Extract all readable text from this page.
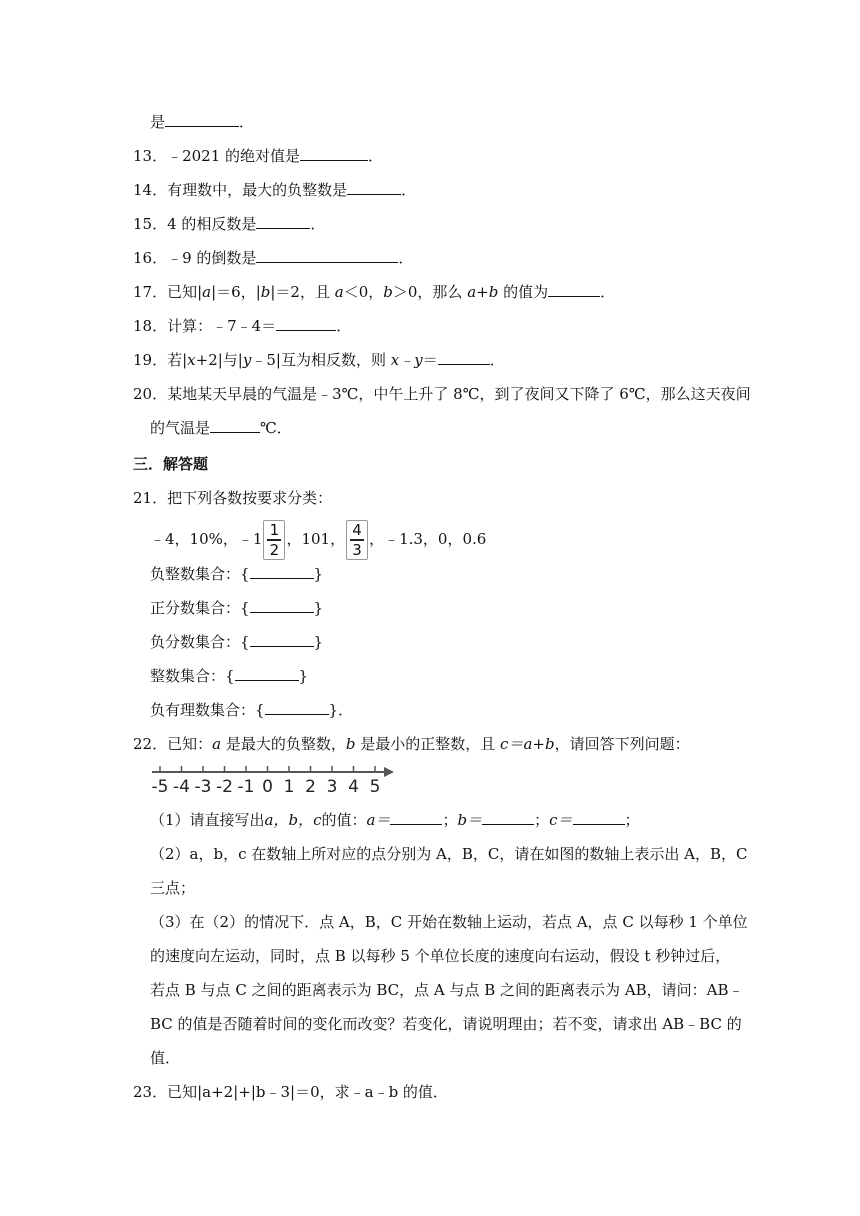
是	．
13．﹣2021 的绝对值是	．
14．有理数中，最大的负整数是	．
15．4 的相反数是	．
16．﹣9 的倒数是	．
17．已知|a|＝6，|b|＝2，且 a＜0，b＞0，那么 a+b 的值为	．
18．计算：﹣7﹣4＝	．
19．若|x+2|与|y﹣5|互为相反数，则 x﹣y＝	．
20．某地某天早晨的气温是﹣3℃，中午上升了 8℃，到了夜间又下降了 6℃，那么这天夜间
的气温是	℃．
三．解答题
21．把下列各数按要求分类：
﹣4，10%，﹣1 $\frac{1}{2}$ ，101， $\frac{4}{3}$ ，﹣1.3，0，0.6
负整数集合：{	}
正分数集合：{	}
负分数集合：{	}
整数集合：{	}
负有理数集合：{	}．
22．已知：a 是最大的负整数，b 是最小的正整数，且 c＝a+b，请回答下列问题：
-5 -4 -3 -2 -1 0 1 2 3 4 5
（1）请直接写出a，b，c的值：a＝	；b＝	；c＝	；
（2）a，b，c 在数轴上所对应的点分别为 A，B，C，请在如图的数轴上表示出 A，B，C
三点；
（3）在（2）的情况下．点 A，B，C 开始在数轴上运动，若点 A，点 C 以每秒 1 个单位
的速度向左运动，同时，点 B 以每秒 5 个单位长度的速度向右运动，假设 t 秒钟过后，
若点 B 与点 C 之间的距离表示为 BC，点 A 与点 B 之间的距离表示为 AB，请问：AB﹣
BC 的值是否随着时间的变化而改变？若变化，请说明理由；若不变，请求出 AB﹣BC 的
值．
23．已知|a+2|+|b﹣3|＝0，求﹣a﹣b 的值．
